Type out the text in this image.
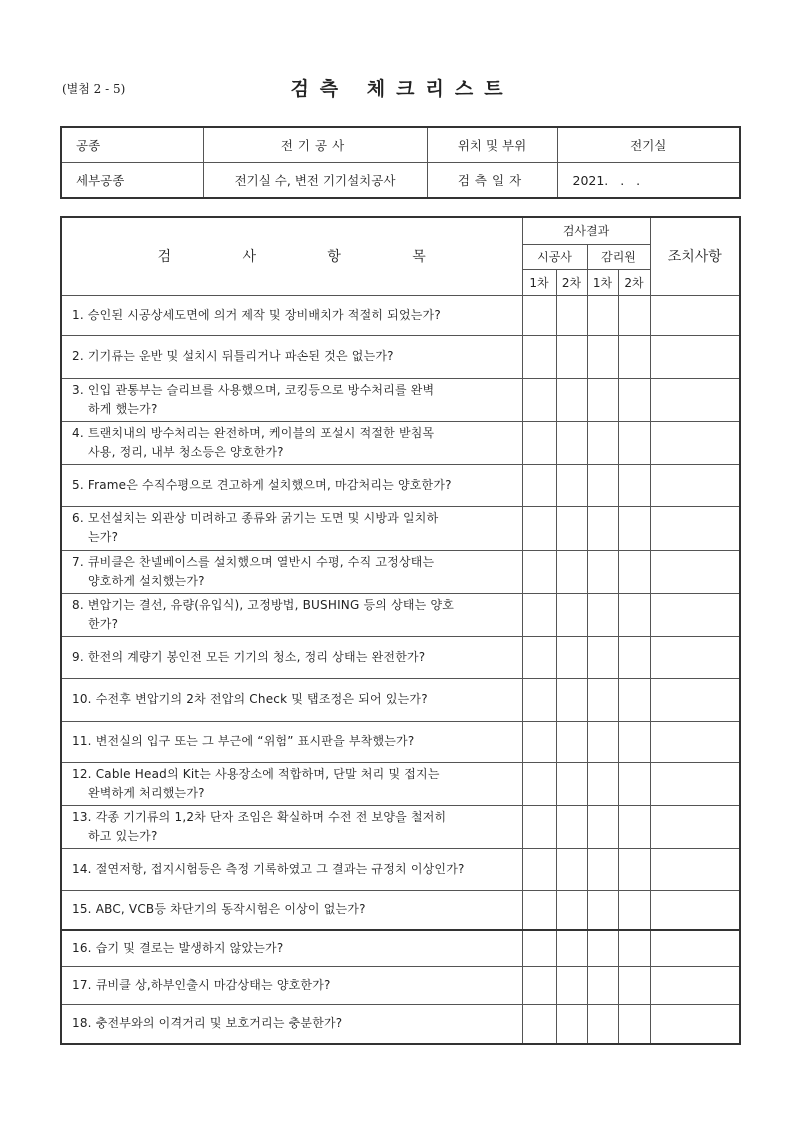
(별첨 2 - 5)	검측 체크리스트
공종	전기공사	위치 및 부위	전기실
세부공종	전기실 수, 변전 기기설치공사	검측일자	2021.   .   .
검 사 항 목	검사결과				조치사항
	시공사		감리원		
	1차	2차	1차	2차	
1. 승인된 시공상세도면에 의거 제작 및 장비배치가 적절히 되었는가?					
2. 기기류는 운반 및 설치시 뒤틀리거나 파손된 것은 없는가?					
3. 인입 관통부는 슬리브를 사용했으며, 코킹등으로 방수처리를 완벽
하게 했는가?					

4. 트랜치내의 방수처리는 완전하며, 케이블의 포설시 적절한 받침목
사용, 정리, 내부 청소등은 양호한가?					

5. Frame은 수직수평으로 견고하게 설치했으며, 마감처리는 양호한가?					
6. 모선설치는 외관상 미려하고 종류와 굵기는 도면 및 시방과 일치하
는가?					

7. 큐비클은 찬넬베이스를 설치했으며 열반시 수평, 수직 고정상태는
양호하게 설치했는가?					

8. 변압기는 결선, 유량(유입식), 고정방법, BUSHING 등의 상태는 양호
한가?					

9. 한전의 계량기 봉인전 모든 기기의 청소, 정리 상태는 완전한가?					
10. 수전후 변압기의 2차 전압의 Check 및 탭조정은 되어 있는가?					
11. 변전실의 입구 또는 그 부근에 “위험” 표시판을 부착했는가?					
12. Cable Head의 Kit는 사용장소에 적합하며, 단말 처리 및 접지는
완벽하게 처리했는가?					

13. 각종 기기류의 1,2차 단자 조임은 확실하며 수전 전 보양을 철저히
하고 있는가?					

14. 절연저항, 접지시험등은 측정 기록하였고 그 결과는 규정치 이상인가?					
15. ABC, VCB등 차단기의 동작시험은 이상이 없는가?					
16. 습기 및 결로는 발생하지 않았는가?					
17. 큐비클 상,하부인출시 마감상태는 양호한가?					
18. 충전부와의 이격거리 및 보호거리는 충분한가?					
